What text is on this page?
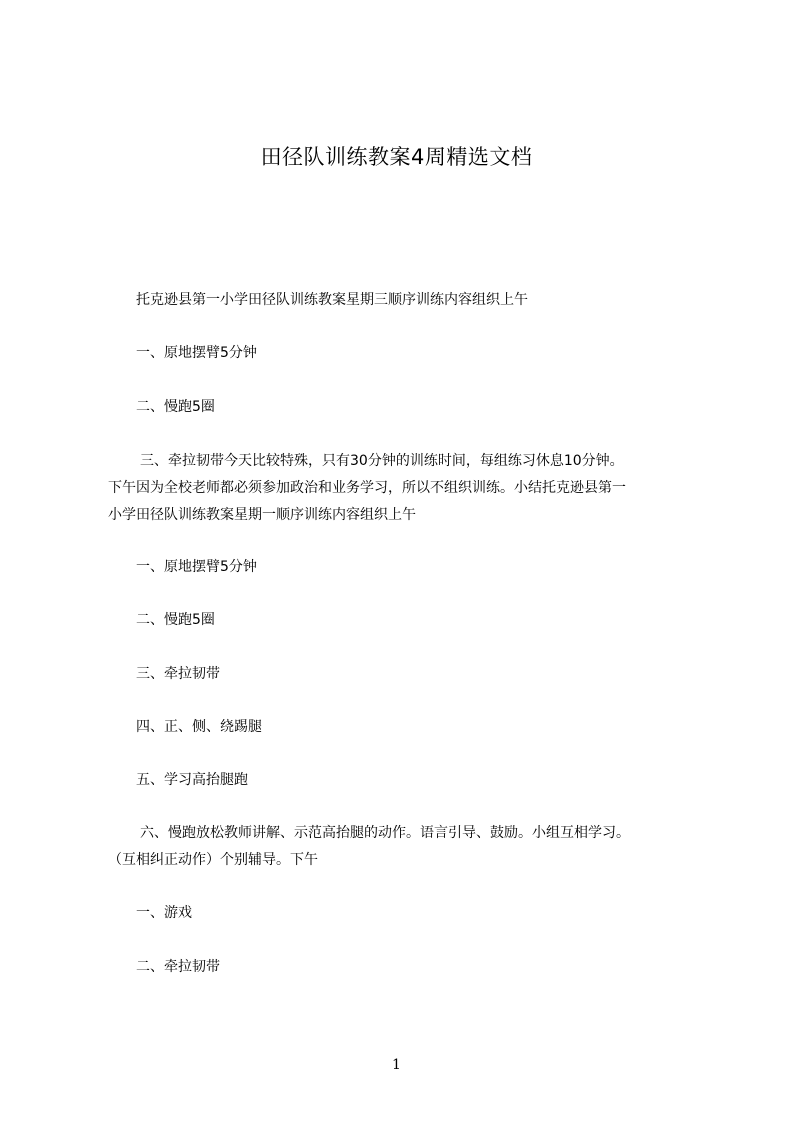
田径队训练教案4周精选文档
托克逊县第一小学田径队训练教案星期三顺序训练内容组织上午
一、原地摆臂5分钟
二、慢跑5圈
三、牵拉韧带今天比较特殊，只有30分钟的训练时间，每组练习休息10分钟。
下午因为全校老师都必须参加政治和业务学习，所以不组织训练。小结托克逊县第一
小学田径队训练教案星期一顺序训练内容组织上午
一、原地摆臂5分钟
二、慢跑5圈
三、牵拉韧带
四、正、侧、绕踢腿
五、学习高抬腿跑
六、慢跑放松教师讲解、示范高抬腿的动作。语言引导、鼓励。小组互相学习。
（互相纠正动作）个别辅导。下午
一、游戏
二、牵拉韧带
1
